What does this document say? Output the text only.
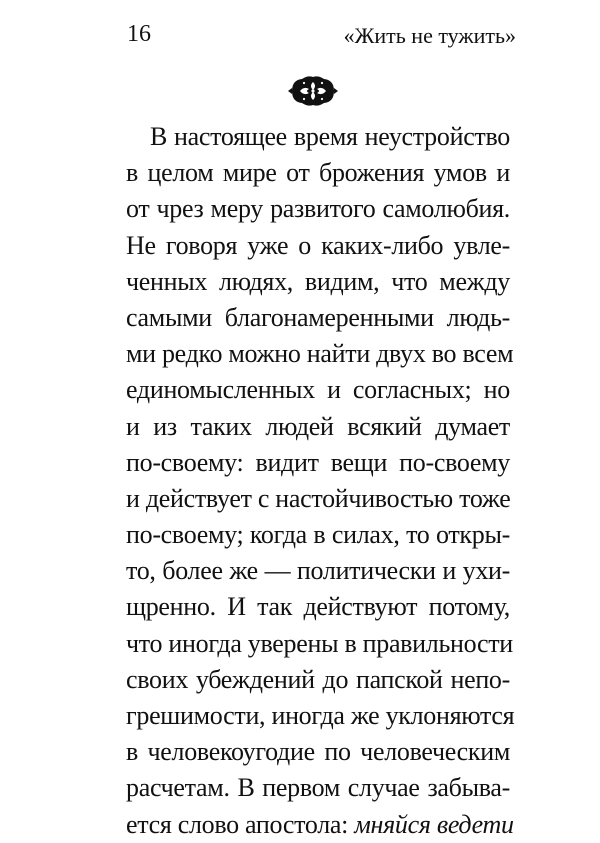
16	«Жить не тужить»
В настоящее время неустройство
в целом мире от брожения умов и
от чрез меру развитого самолюбия.
Не говоря уже о каких-либо увле-
ченных людях, видим, что между
самыми благонамеренными людь-
ми редко можно найти двух во всем
единомысленных и согласных; но
и из таких людей всякий думает
по-своему: видит вещи по-своему
и действует с настойчивостью тоже
по-своему; когда в силах, то откры-
то, более же — политически и ухи-
щренно. И так действуют потому,
что иногда уверены в правильности
своих убеждений до папской непо-
грешимости, иногда же уклоняются
в человекоугодие по человеческим
расчетам. В первом случае забыва-
ется слово апостола: мняйся ведети
